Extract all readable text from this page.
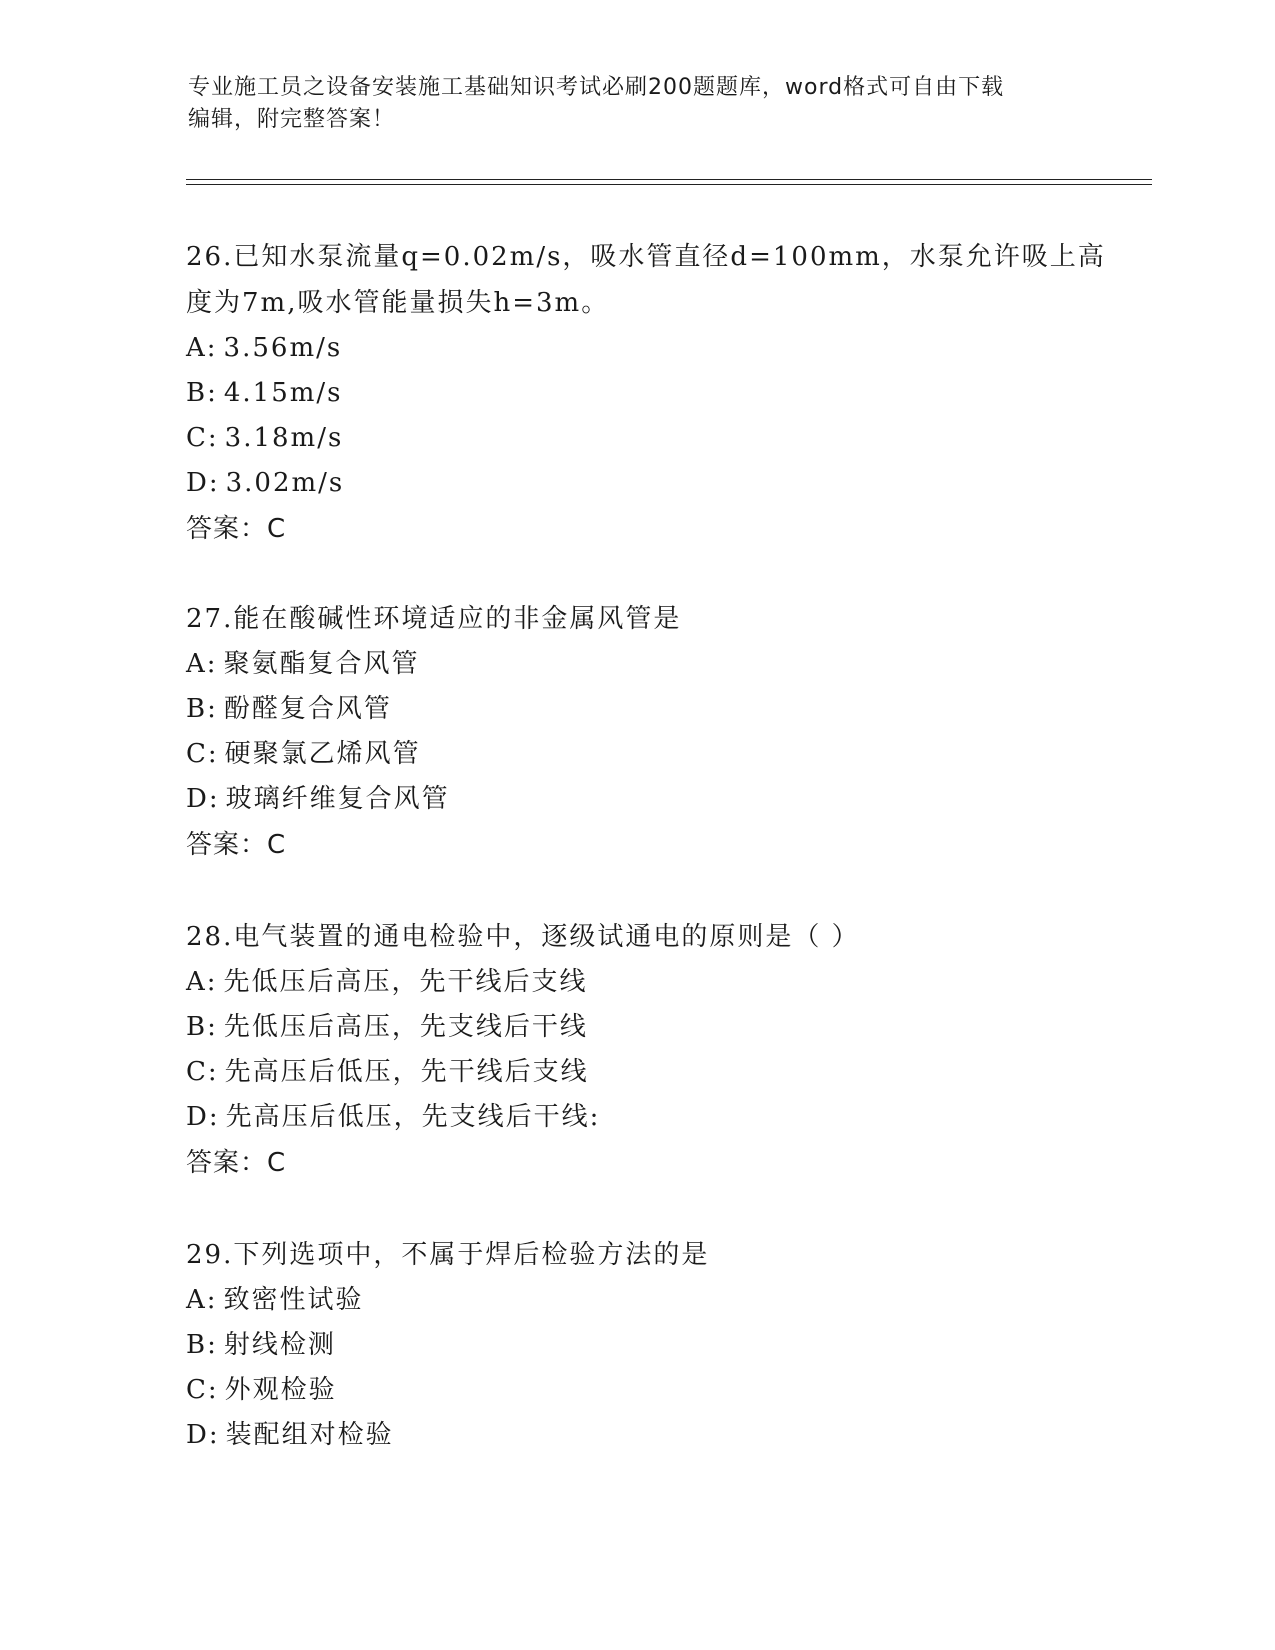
专业施工员之设备安装施工基础知识考试必刷200题题库，word格式可自由下载
编辑，附完整答案！
26.已知水泵流量q=0.02m/s，吸水管直径d=100mm，水泵允许吸上高
度为7m,吸水管能量损失h=3m。
A: 3.56m/s
B: 4.15m/s
C: 3.18m/s
D: 3.02m/s
答案：C
27.能在酸碱性环境适应的非金属风管是
A: 聚氨酯复合风管
B: 酚醛复合风管
C: 硬聚氯乙烯风管
D: 玻璃纤维复合风管
答案：C
28.电气装置的通电检验中，逐级试通电的原则是（ ）
A: 先低压后高压，先干线后支线
B: 先低压后高压，先支线后干线
C: 先高压后低压，先干线后支线
D: 先高压后低压，先支线后干线:
答案：C
29.下列选项中，不属于焊后检验方法的是
A: 致密性试验
B: 射线检测
C: 外观检验
D: 装配组对检验
